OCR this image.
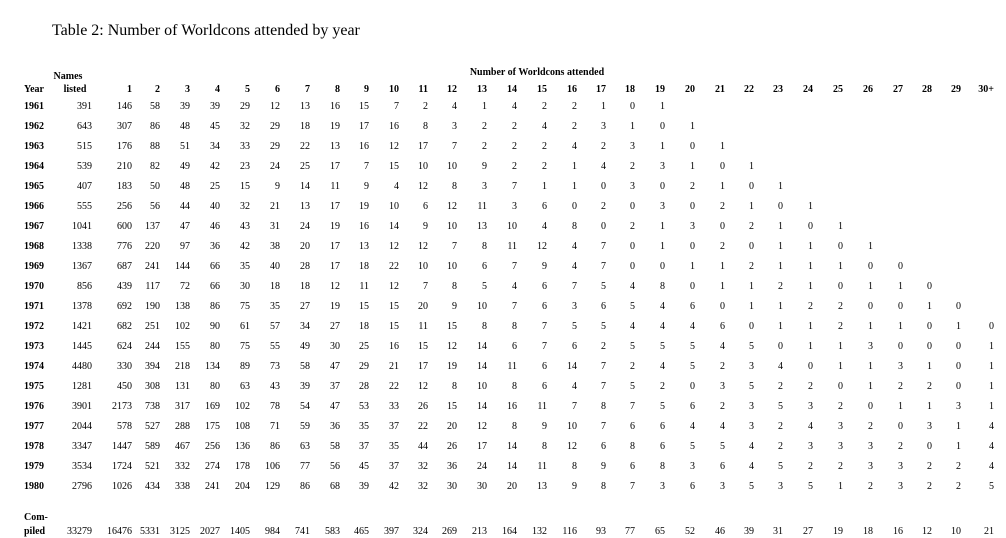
Table 2: Number of Worldcons attended by year
Number of Worldcons attended
Names
Year	listed	1	2	3	4	5	6	7	8	9	10	11	12	13	14	15	16	17	18	19	20	21	22	23	24	25	26	27	28	29	30+
1961	391	146	58	39	39	29	12	13	16	15	7	2	4	1	4	2	2	1	0	1											
1962	643	307	86	48	45	32	29	18	19	17	16	8	3	2	2	4	2	3	1	0	1										
1963	515	176	88	51	34	33	29	22	13	16	12	17	7	2	2	2	4	2	3	1	0	1									
1964	539	210	82	49	42	23	24	25	17	7	15	10	10	9	2	2	1	4	2	3	1	0	1								
1965	407	183	50	48	25	15	9	14	11	9	4	12	8	3	7	1	1	0	3	0	2	1	0	1							
1966	555	256	56	44	40	32	21	13	17	19	10	6	12	11	3	6	0	2	0	3	0	2	1	0	1						
1967	1041	600	137	47	46	43	31	24	19	16	14	9	10	13	10	4	8	0	2	1	3	0	2	1	0	1					
1968	1338	776	220	97	36	42	38	20	17	13	12	12	7	8	11	12	4	7	0	1	0	2	0	1	1	0	1				
1969	1367	687	241	144	66	35	40	28	17	18	22	10	10	6	7	9	4	7	0	0	1	1	2	1	1	1	0	0			
1970	856	439	117	72	66	30	18	18	12	11	12	7	8	5	4	6	7	5	4	8	0	1	1	2	1	0	1	1	0		
1971	1378	692	190	138	86	75	35	27	19	15	15	20	9	10	7	6	3	6	5	4	6	0	1	1	2	2	0	0	1	0	
1972	1421	682	251	102	90	61	57	34	27	18	15	11	15	8	8	7	5	5	4	4	4	6	0	1	1	2	1	1	0	1	0
1973	1445	624	244	155	80	75	55	49	30	25	16	15	12	14	6	7	6	2	5	5	5	4	5	0	1	1	3	0	0	0	1
1974	4480	330	394	218	134	89	73	58	47	29	21	17	19	14	11	6	14	7	2	4	5	2	3	4	0	1	1	3	1	0	1
1975	1281	450	308	131	80	63	43	39	37	28	22	12	8	10	8	6	4	7	5	2	0	3	5	2	2	0	1	2	2	0	1
1976	3901	2173	738	317	169	102	78	54	47	53	33	26	15	14	16	11	7	8	7	5	6	2	3	5	3	2	0	1	1	3	1
1977	2044	578	527	288	175	108	71	59	36	35	37	22	20	12	8	9	10	7	6	6	4	4	3	2	4	3	2	0	3	1	4
1978	3347	1447	589	467	256	136	86	63	58	37	35	44	26	17	14	8	12	6	8	6	5	5	4	2	3	3	3	2	0	1	4
1979	3534	1724	521	332	274	178	106	77	56	45	37	32	36	24	14	11	8	9	6	8	3	6	4	5	2	2	3	3	2	2	4
1980	2796	1026	434	338	241	204	129	86	68	39	42	32	30	30	20	13	9	8	7	3	6	3	5	3	5	1	2	3	2	2	5
Com-																															
piled	33279	16476	5331	3125	2027	1405	984	741	583	465	397	324	269	213	164	132	116	93	77	65	52	46	39	31	27	19	18	16	12	10	21
